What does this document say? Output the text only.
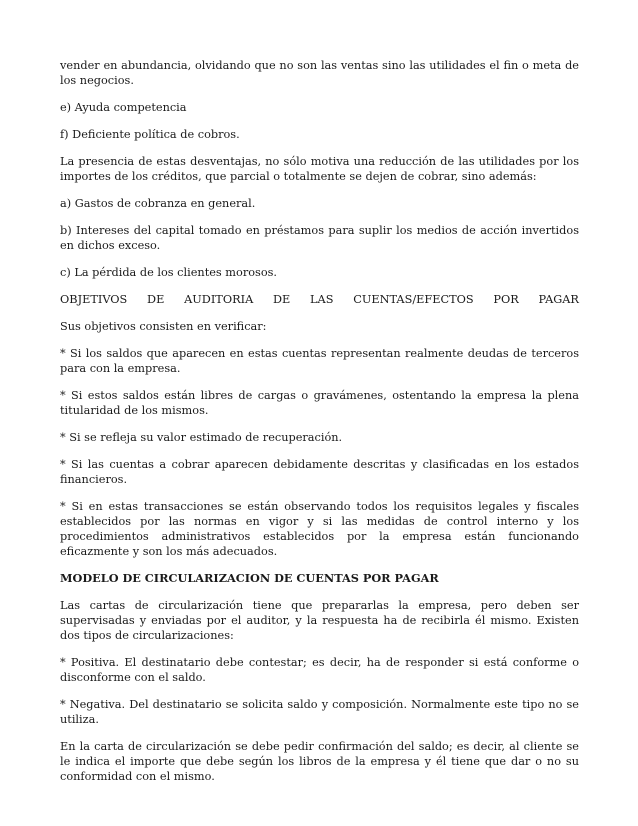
vender en abundancia, olvidando que no son las ventas sino las utilidades el fin o meta de los negocios.

e) Ayuda competencia

f) Deficiente política de cobros.

La presencia de estas desventajas, no sólo motiva una reducción de las utilidades por los importes de los créditos, que parcial o totalmente se dejen de cobrar, sino además:

a) Gastos de cobranza en general.

b) Intereses del capital tomado en préstamos para suplir los medios de acción invertidos en dichos exceso.

c) La pérdida de los clientes morosos.

OBJETIVOS DE AUDITORIA DE LAS CUENTAS/EFECTOS POR PAGAR

Sus objetivos consisten en verificar:

* Si los saldos que aparecen en estas cuentas representan realmente deudas de terceros para con la empresa.

* Si estos saldos están libres de cargas o gravámenes, ostentando la empresa la plena titularidad de los mismos.

* Si se refleja su valor estimado de recuperación.

* Si las cuentas a cobrar aparecen debidamente descritas y clasificadas en los estados financieros.

* Si en estas transacciones se están observando todos los requisitos legales y fiscales establecidos por las normas en vigor y si las medidas de control interno y los procedimientos administrativos establecidos por la empresa están funcionando eficazmente y son los más adecuados.

MODELO DE CIRCULARIZACION DE CUENTAS POR PAGAR

Las cartas de circularización tiene que prepararlas la empresa, pero deben ser supervisadas y enviadas por el auditor, y la respuesta ha de recibirla él mismo. Existen dos tipos de circularizaciones:

* Positiva. El destinatario debe contestar; es decir, ha de responder si está conforme o disconforme con el saldo.

* Negativa. Del destinatario se solicita saldo y composición. Normalmente este tipo no se utiliza.

En la carta de circularización se debe pedir confirmación del saldo; es decir, al cliente se le indica el importe que debe según los libros de la empresa y él tiene que dar o no su conformidad con el mismo.
